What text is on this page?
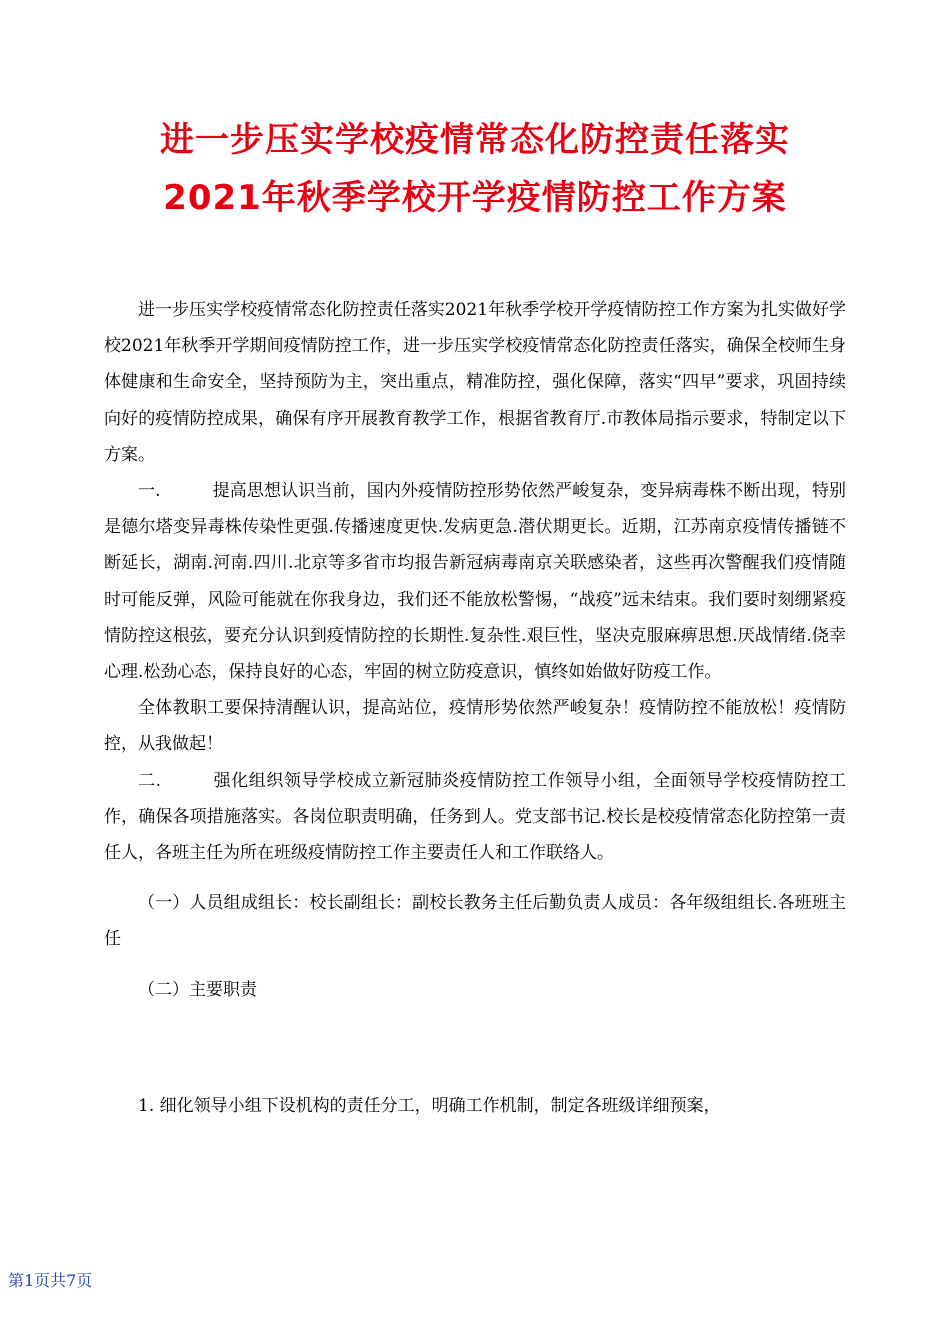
进一步压实学校疫情常态化防控责任落实
2021年秋季学校开学疫情防控工作方案

进一步压实学校疫情常态化防控责任落实2021年秋季学校开学疫情防控工作方案为扎实做好学校2021年秋季开学期间疫情防控工作，进一步压实学校疫情常态化防控责任落实，确保全校师生身体健康和生命安全，坚持预防为主，突出重点，精准防控，强化保障，落实“四早”要求，巩固持续向好的疫情防控成果，确保有序开展教育教学工作，根据省教育厅.市教体局指示要求，特制定以下方案。

一.	提高思想认识当前，国内外疫情防控形势依然严峻复杂，变异病毒株不断出现，特别是德尔塔变异毒株传染性更强.传播速度更快.发病更急.潜伏期更长。近期，江苏南京疫情传播链不断延长，湖南.河南.四川.北京等多省市均报告新冠病毒南京关联感染者，这些再次警醒我们疫情随时可能反弹，风险可能就在你我身边，我们还不能放松警惕，“战疫”远未结束。我们要时刻绷紧疫情防控这根弦，要充分认识到疫情防控的长期性.复杂性.艰巨性，坚决克服麻痹思想.厌战情绪.侥幸心理.松劲心态，保持良好的心态，牢固的树立防疫意识，慎终如始做好防疫工作。

全体教职工要保持清醒认识，提高站位，疫情形势依然严峻复杂！疫情防控不能放松！疫情防控，从我做起！

二.	强化组织领导学校成立新冠肺炎疫情防控工作领导小组，全面领导学校疫情防控工作，确保各项措施落实。各岗位职责明确，任务到人。党支部书记.校长是校疫情常态化防控第一责任人，各班主任为所在班级疫情防控工作主要责任人和工作联络人。

（一）人员组成组长：校长副组长：副校长教务主任后勤负责人成员：各年级组组长.各班班主任

（二）主要职责

1. 细化领导小组下设机构的责任分工，明确工作机制，制定各班级详细预案，

第1页共7页
